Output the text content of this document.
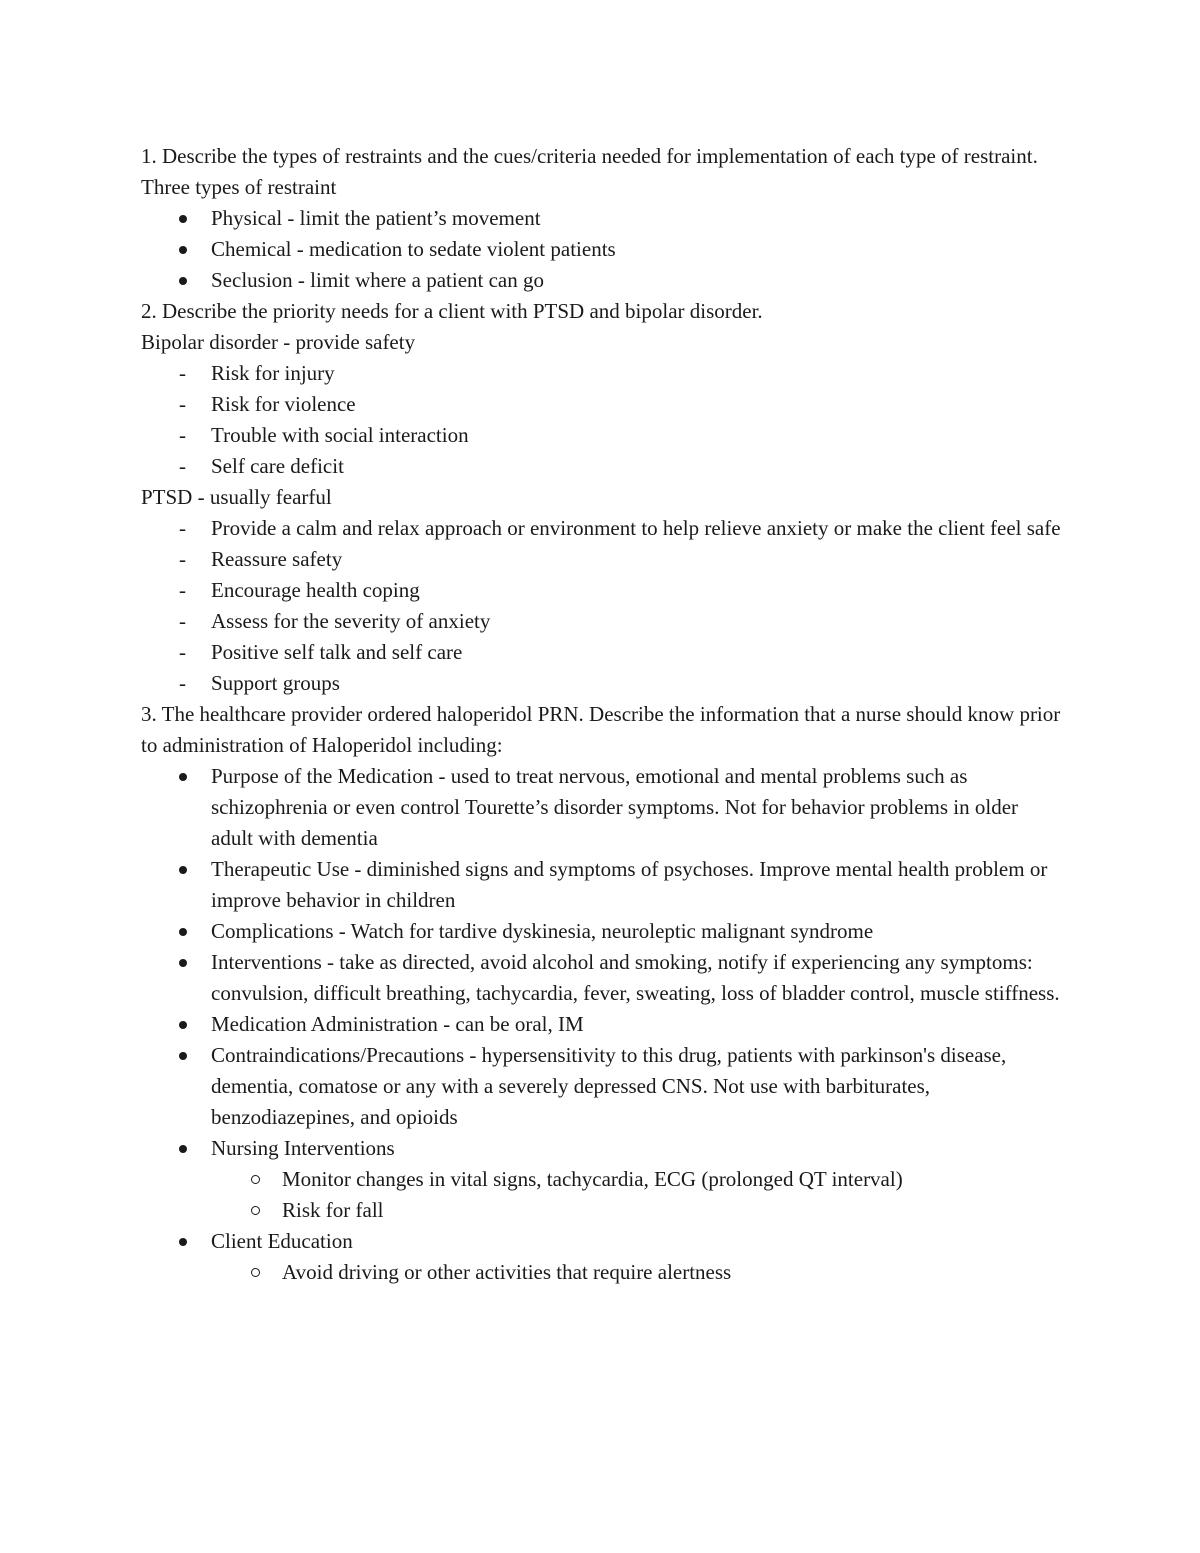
1. Describe the types of restraints and the cues/criteria needed for implementation of each type of restraint.
Three types of restraint
Physical - limit the patient’s movement
Chemical - medication to sedate violent patients
Seclusion - limit where a patient can go
2. Describe the priority needs for a client with PTSD and bipolar disorder.
Bipolar disorder - provide safety
-	Risk for injury
-	Risk for violence
-	Trouble with social interaction
-	Self care deficit
PTSD - usually fearful
-	Provide a calm and relax approach or environment to help relieve anxiety or make the client feel safe
-	Reassure safety
-	Encourage health coping
-	Assess for the severity of anxiety
-	Positive self talk and self care
-	Support groups
3. The healthcare provider ordered haloperidol PRN. Describe the information that a nurse should know prior to administration of Haloperidol including:
Purpose of the Medication - used to treat nervous, emotional and mental problems such as schizophrenia or even control Tourette’s disorder symptoms. Not for behavior problems in older adult with dementia
Therapeutic Use - diminished signs and symptoms of psychoses. Improve mental health problem or improve behavior in children
Complications - Watch for tardive dyskinesia, neuroleptic malignant syndrome
Interventions - take as directed, avoid alcohol and smoking, notify if experiencing any symptoms: convulsion, difficult breathing, tachycardia, fever, sweating, loss of bladder control, muscle stiffness.
Medication Administration - can be oral, IM
Contraindications/Precautions - hypersensitivity to this drug, patients with parkinson's disease, dementia, comatose or any with a severely depressed CNS. Not use with barbiturates, benzodiazepines, and opioids
Nursing Interventions
Monitor changes in vital signs, tachycardia, ECG (prolonged QT interval)
Risk for fall
Client Education
Avoid driving or other activities that require alertness
